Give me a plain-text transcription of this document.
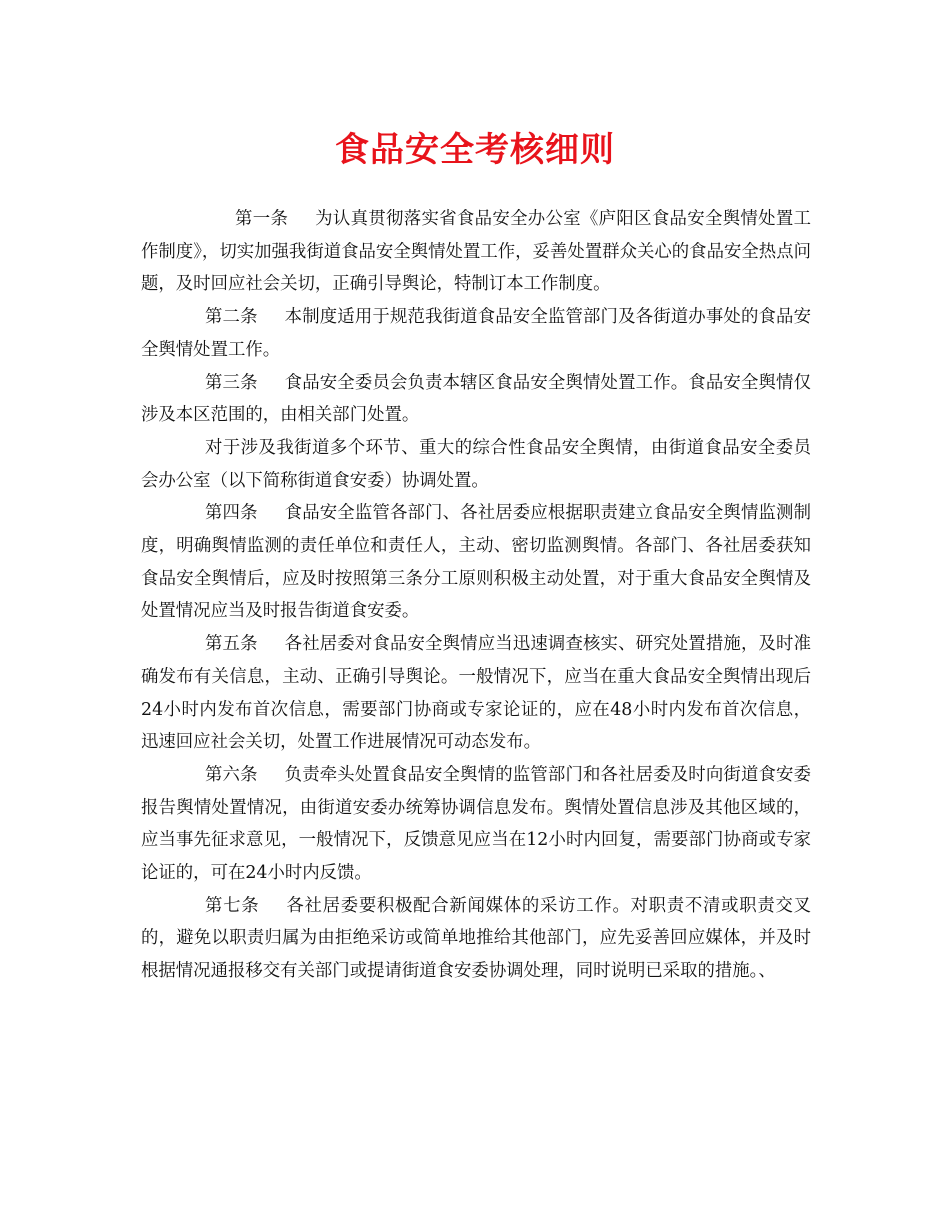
食品安全考核细则

第一条 为认真贯彻落实省食品安全办公室《庐阳区食品安全舆情处置工作制度》，切实加强我街道食品安全舆情处置工作，妥善处置群众关心的食品安全热点问题，及时回应社会关切，正确引导舆论，特制订本工作制度。

第二条 本制度适用于规范我街道食品安全监管部门及各街道办事处的食品安全舆情处置工作。

第三条 食品安全委员会负责本辖区食品安全舆情处置工作。食品安全舆情仅涉及本区范围的，由相关部门处置。

对于涉及我街道多个环节、重大的综合性食品安全舆情，由街道食品安全委员会办公室（以下简称街道食安委）协调处置。

第四条 食品安全监管各部门、各社居委应根据职责建立食品安全舆情监测制度，明确舆情监测的责任单位和责任人，主动、密切监测舆情。各部门、各社居委获知食品安全舆情后，应及时按照第三条分工原则积极主动处置，对于重大食品安全舆情及处置情况应当及时报告街道食安委。

第五条 各社居委对食品安全舆情应当迅速调查核实、研究处置措施，及时准确发布有关信息，主动、正确引导舆论。一般情况下，应当在重大食品安全舆情出现后24小时内发布首次信息，需要部门协商或专家论证的，应在48小时内发布首次信息，迅速回应社会关切，处置工作进展情况可动态发布。

第六条 负责牵头处置食品安全舆情的监管部门和各社居委及时向街道食安委报告舆情处置情况，由街道安委办统筹协调信息发布。舆情处置信息涉及其他区域的，应当事先征求意见，一般情况下，反馈意见应当在12小时内回复，需要部门协商或专家论证的，可在24小时内反馈。

第七条 各社居委要积极配合新闻媒体的采访工作。对职责不清或职责交叉的，避免以职责归属为由拒绝采访或简单地推给其他部门，应先妥善回应媒体，并及时根据情况通报移交有关部门或提请街道食安委协调处理，同时说明已采取的措施。、
